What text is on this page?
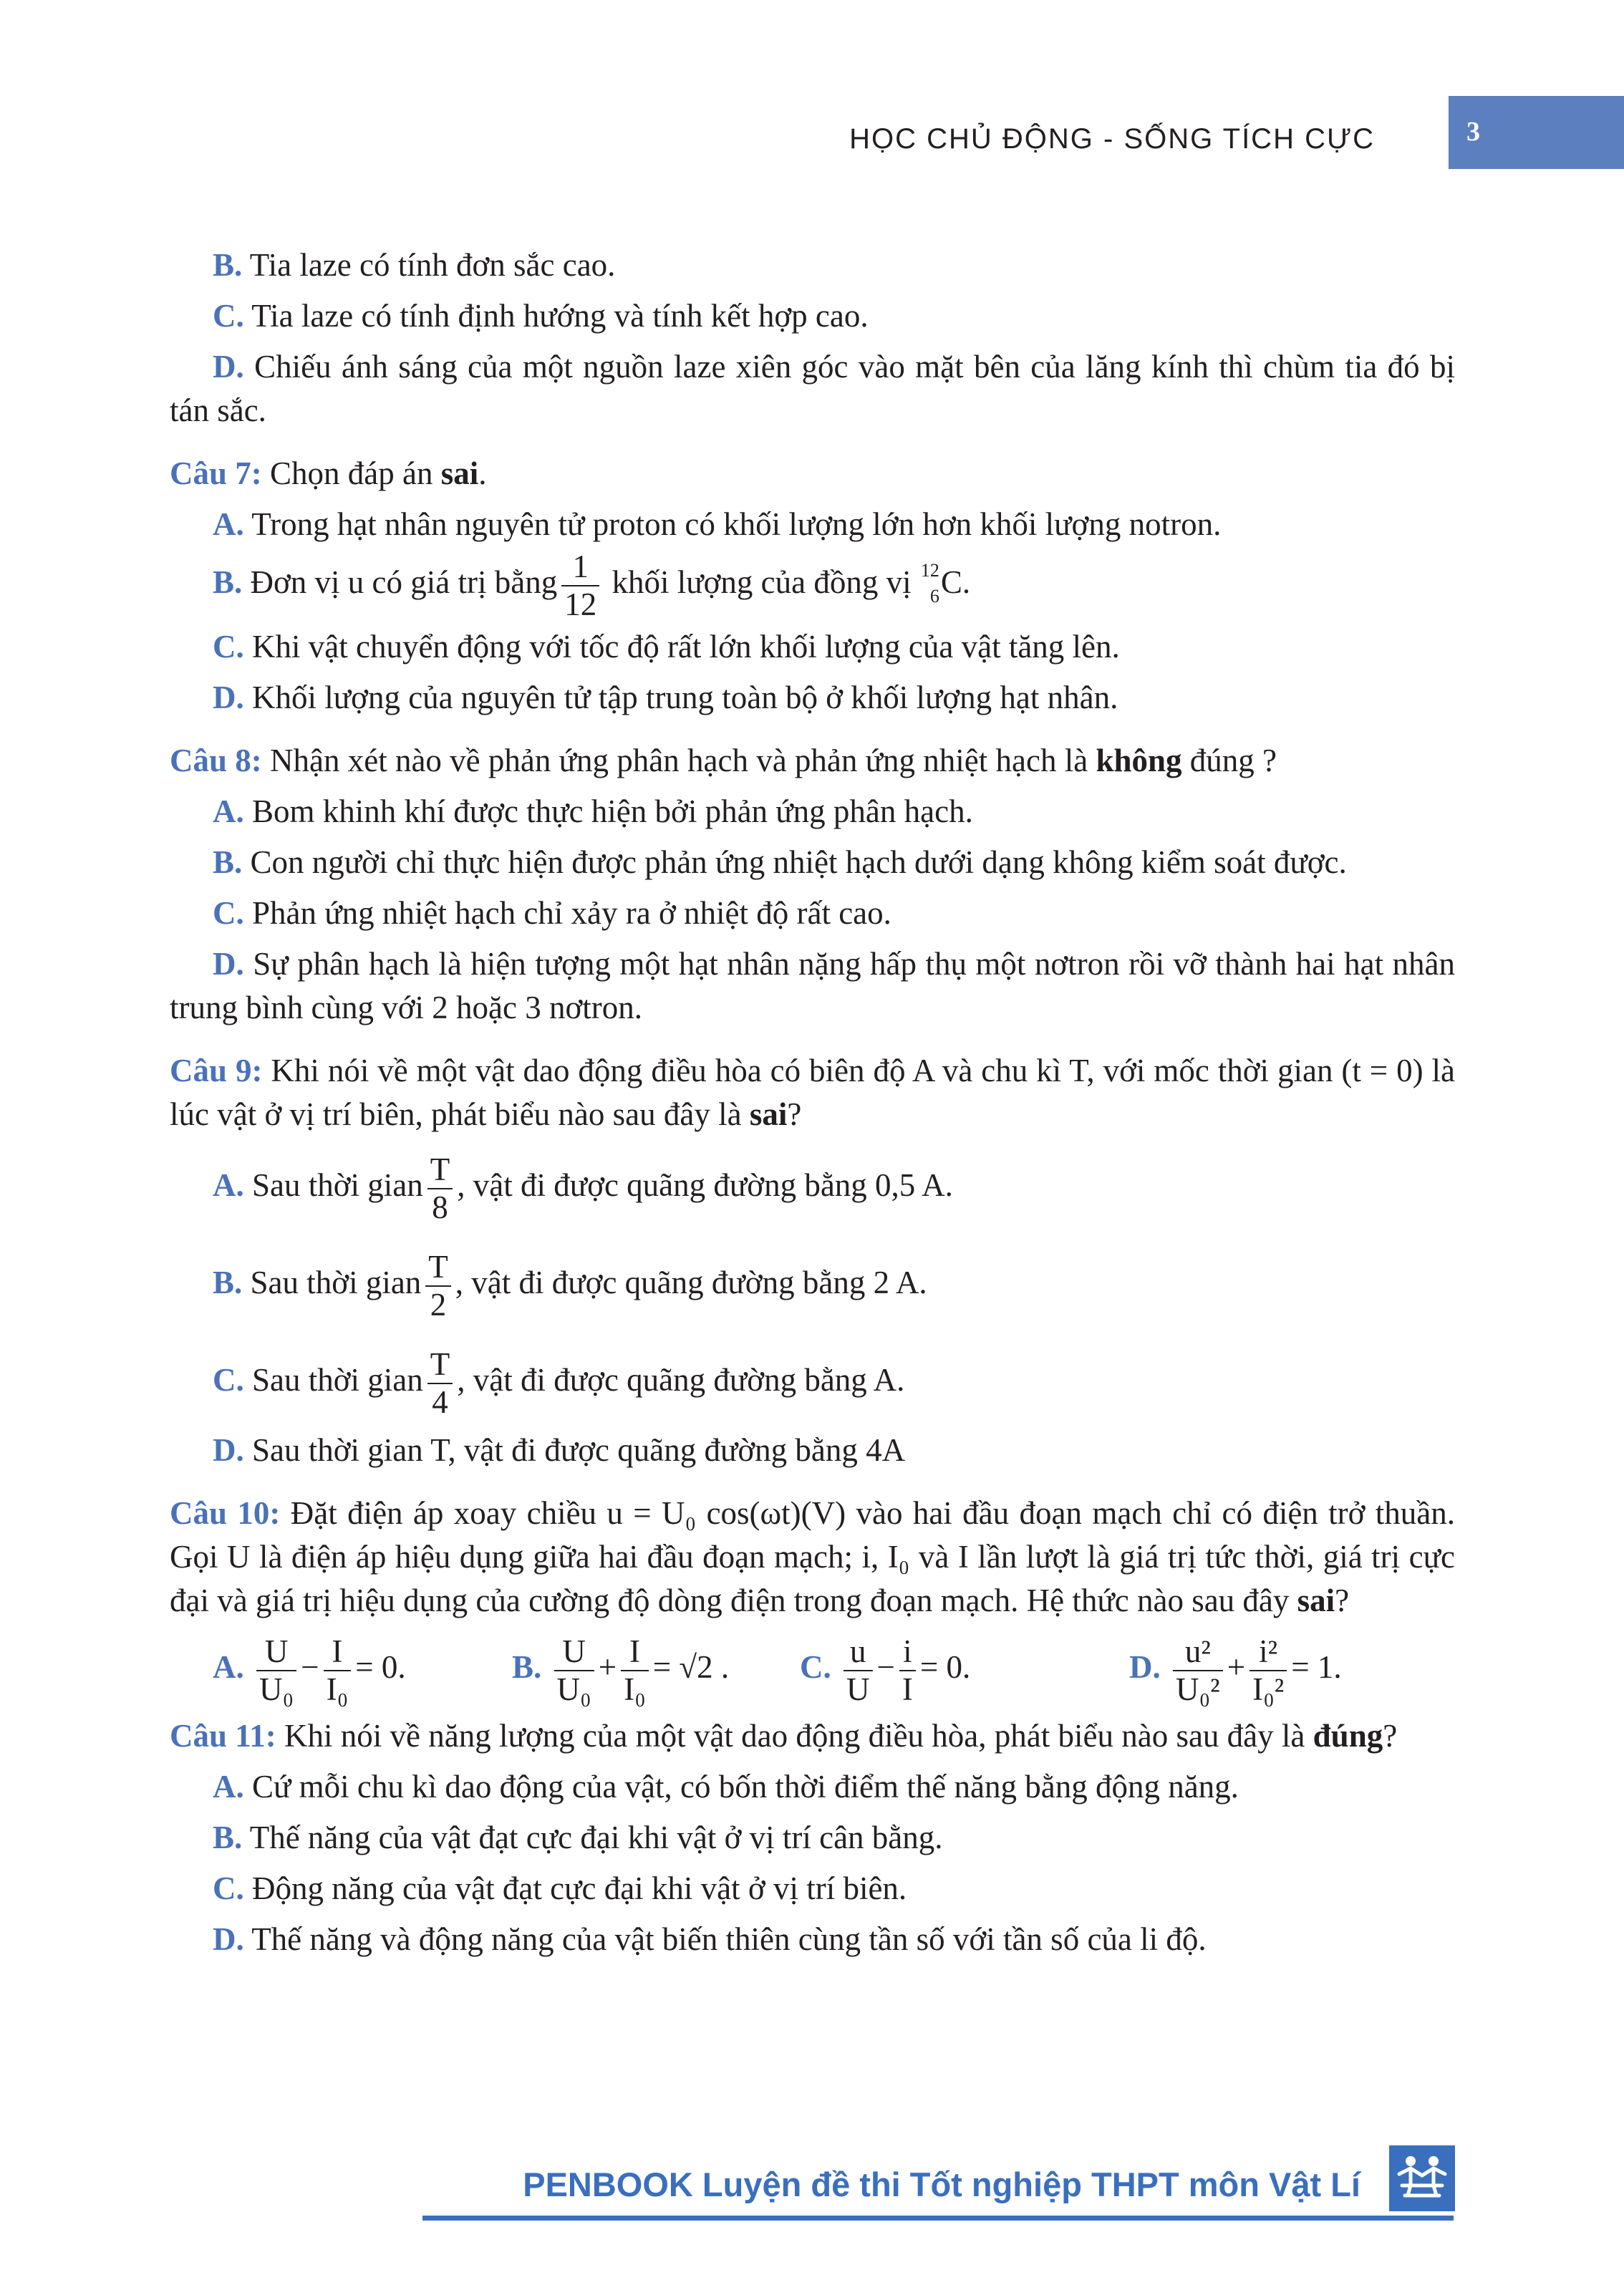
HỌC CHỦ ĐỘNG - SỐNG TÍCH CỰC	3

B. Tia laze có tính đơn sắc cao.

C. Tia laze có tính định hướng và tính kết hợp cao.

D. Chiếu ánh sáng của một nguồn laze xiên góc vào mặt bên của lăng kính thì chùm tia đó bị tán sắc.

Câu 7: Chọn đáp án sai.

A. Trong hạt nhân nguyên tử proton có khối lượng lớn hơn khối lượng notron.

B. Đơn vị u có giá trị bằng $\frac{1}{12}$ khối lượng của đồng vị 12
6 C.

C. Khi vật chuyển động với tốc độ rất lớn khối lượng của vật tăng lên.

D. Khối lượng của nguyên tử tập trung toàn bộ ở khối lượng hạt nhân.

Câu 8: Nhận xét nào về phản ứng phân hạch và phản ứng nhiệt hạch là không đúng ?

A. Bom khinh khí được thực hiện bởi phản ứng phân hạch.

B. Con người chỉ thực hiện được phản ứng nhiệt hạch dưới dạng không kiểm soát được.

C. Phản ứng nhiệt hạch chỉ xảy ra ở nhiệt độ rất cao.

D. Sự phân hạch là hiện tượng một hạt nhân nặng hấp thụ một nơtron rồi vỡ thành hai hạt nhân trung bình cùng với 2 hoặc 3 nơtron.

Câu 9: Khi nói về một vật dao động điều hòa có biên độ A và chu kì T, với mốc thời gian (t = 0) là lúc vật ở vị trí biên, phát biểu nào sau đây là sai?

A. Sau thời gian $\frac{T}{8}$ , vật đi được quãng đường bằng 0,5 A.

B. Sau thời gian $\frac{T}{2}$ , vật đi được quãng đường bằng 2 A.

C. Sau thời gian $\frac{T}{4}$ , vật đi được quãng đường bằng A.

D. Sau thời gian T, vật đi được quãng đường bằng 4A

Câu 10: Đặt điện áp xoay chiều u = U₀ cos(ωt)(V) vào hai đầu đoạn mạch chỉ có điện trở thuần. Gọi U là điện áp hiệu dụng giữa hai đầu đoạn mạch; i, I₀ và I lần lượt là giá trị tức thời, giá trị cực đại và giá trị hiệu dụng của cường độ dòng điện trong đoạn mạch. Hệ thức nào sau đây sai?

A. $\frac{U}{\text{U₀}} - \frac{I}{\text{I₀}} = 0$.	B. $\frac{U}{\text{U₀}} + \frac{I}{\text{I₀}} = √2$ . C. $\frac{u}{U} - \frac{i}{I} = 0$.	D. $\frac{\text{u²}}{\text{U₀²}} + \frac{\text{i²}}{\text{I₀²}} = 1$.

Câu 11: Khi nói về năng lượng của một vật dao động điều hòa, phát biểu nào sau đây là đúng?

A. Cứ mỗi chu kì dao động của vật, có bốn thời điểm thế năng bằng động năng.

B. Thế năng của vật đạt cực đại khi vật ở vị trí cân bằng.

C. Động năng của vật đạt cực đại khi vật ở vị trí biên.

D. Thế năng và động năng của vật biến thiên cùng tần số với tần số của li độ.

PENBOOK Luyện đề thi Tốt nghiệp THPT môn Vật Lí
